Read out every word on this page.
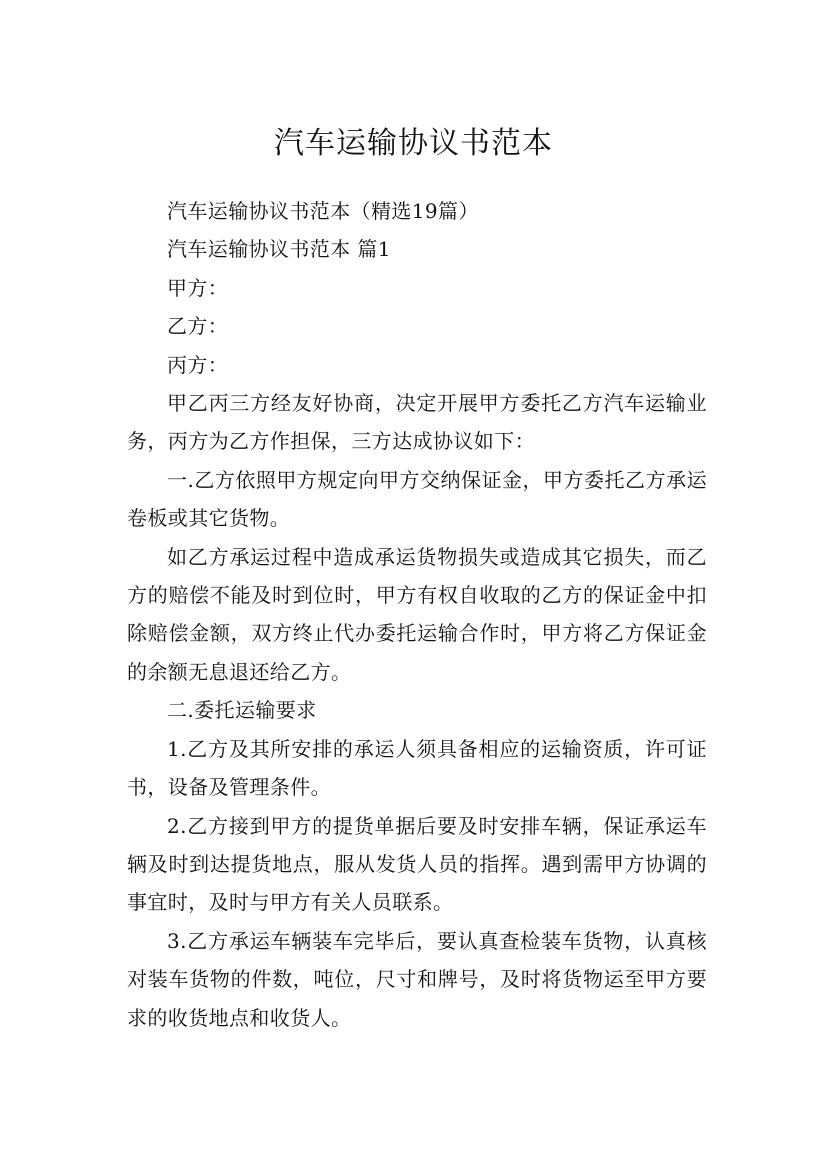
汽车运输协议书范本

汽车运输协议书范本（精选19篇）

汽车运输协议书范本 篇1

甲方：

乙方：

丙方：

甲乙丙三方经友好协商，决定开展甲方委托乙方汽车运输业务，丙方为乙方作担保，三方达成协议如下：

一.乙方依照甲方规定向甲方交纳保证金，甲方委托乙方承运卷板或其它货物。

如乙方承运过程中造成承运货物损失或造成其它损失，而乙方的赔偿不能及时到位时，甲方有权自收取的乙方的保证金中扣除赔偿金额，双方终止代办委托运输合作时，甲方将乙方保证金的余额无息退还给乙方。

二.委托运输要求

1.乙方及其所安排的承运人须具备相应的运输资质，许可证书，设备及管理条件。

2.乙方接到甲方的提货单据后要及时安排车辆，保证承运车辆及时到达提货地点，服从发货人员的指挥。遇到需甲方协调的事宜时，及时与甲方有关人员联系。

3.乙方承运车辆装车完毕后，要认真查检装车货物，认真核对装车货物的件数，吨位，尺寸和牌号，及时将货物运至甲方要求的收货地点和收货人。
